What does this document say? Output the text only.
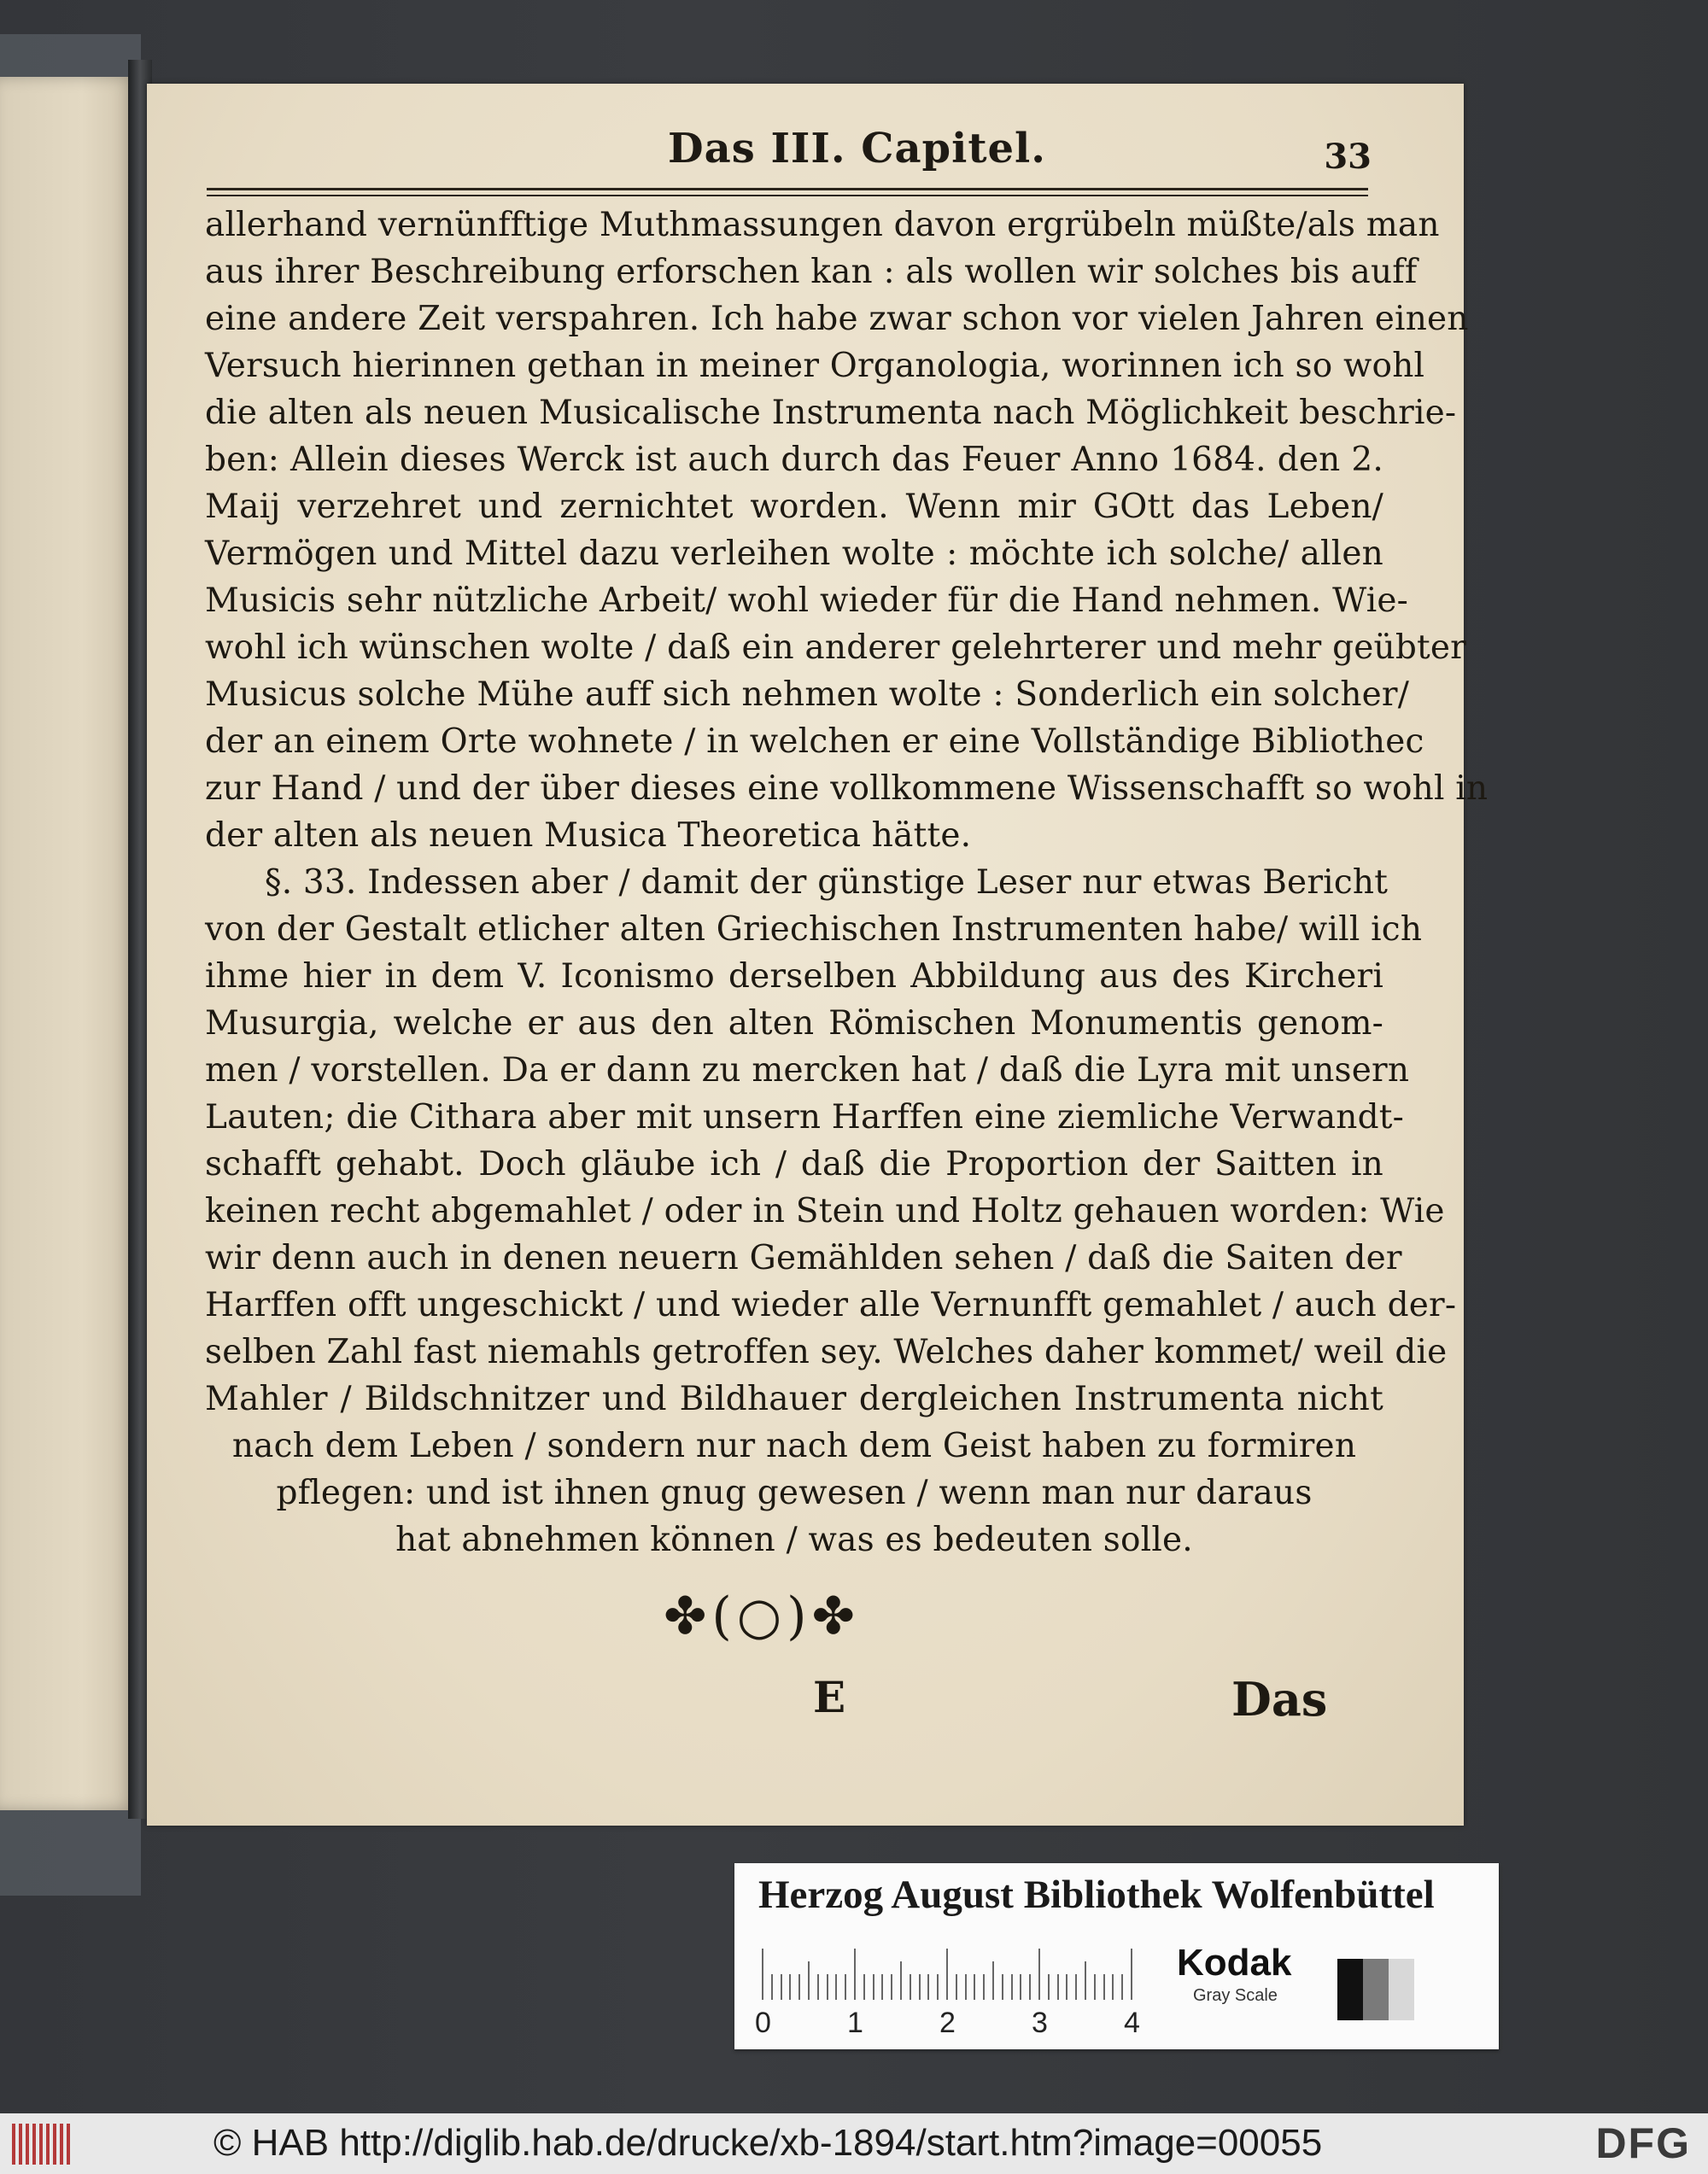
Das III. Capitel.	33
allerhand vernünfftige Muthmassungen davon ergrübeln müßte/als man
aus ihrer Beschreibung erforschen kan : als wollen wir solches bis auff
eine andere Zeit verspahren. Ich habe zwar schon vor vielen Jahren einen
Versuch hierinnen gethan in meiner Organologia, worinnen ich so wohl
die alten als neuen Musicalische Instrumenta nach Möglichkeit beschrie-
ben: Allein dieses Werck ist auch durch das Feuer Anno 1684. den 2.
Maij verzehret und zernichtet worden. Wenn mir GOtt das Leben/
Vermögen und Mittel dazu verleihen wolte : möchte ich solche/ allen
Musicis sehr nützliche Arbeit/ wohl wieder für die Hand nehmen. Wie-
wohl ich wünschen wolte / daß ein anderer gelehrterer und mehr geübter
Musicus solche Mühe auff sich nehmen wolte : Sonderlich ein solcher/
der an einem Orte wohnete / in welchen er eine Vollständige Bibliothec
zur Hand / und der über dieses eine vollkommene Wissenschafft so wohl in
der alten als neuen Musica Theoretica hätte.
§. 33. Indessen aber / damit der günstige Leser nur etwas Bericht
von der Gestalt etlicher alten Griechischen Instrumenten habe/ will ich
ihme hier in dem V. Iconismo derselben Abbildung aus des Kircheri
Musurgia, welche er aus den alten Römischen Monumentis genom-
men / vorstellen. Da er dann zu mercken hat / daß die Lyra mit unsern
Lauten; die Cithara aber mit unsern Harffen eine ziemliche Verwandt-
schafft gehabt. Doch gläube ich / daß die Proportion der Saitten in
keinen recht abgemahlet / oder in Stein und Holtz gehauen worden: Wie
wir denn auch in denen neuern Gemählden sehen / daß die Saiten der
Harffen offt ungeschickt / und wieder alle Vernunfft gemahlet / auch der-
selben Zahl fast niemahls getroffen sey. Welches daher kommet/ weil die
Mahler / Bildschnitzer und Bildhauer dergleichen Instrumenta nicht
nach dem Leben / sondern nur nach dem Geist haben zu formiren
pflegen: und ist ihnen gnug gewesen / wenn man nur daraus
hat abnehmen können / was es bedeuten solle.
✤(○)✤
E	Das
Herzog August Bibliothek Wolfenbüttel
0	1	2	3	4
Kodak
Gray Scale
© HAB http://diglib.hab.de/drucke/xb-1894/start.htm?image=00055	DFG
